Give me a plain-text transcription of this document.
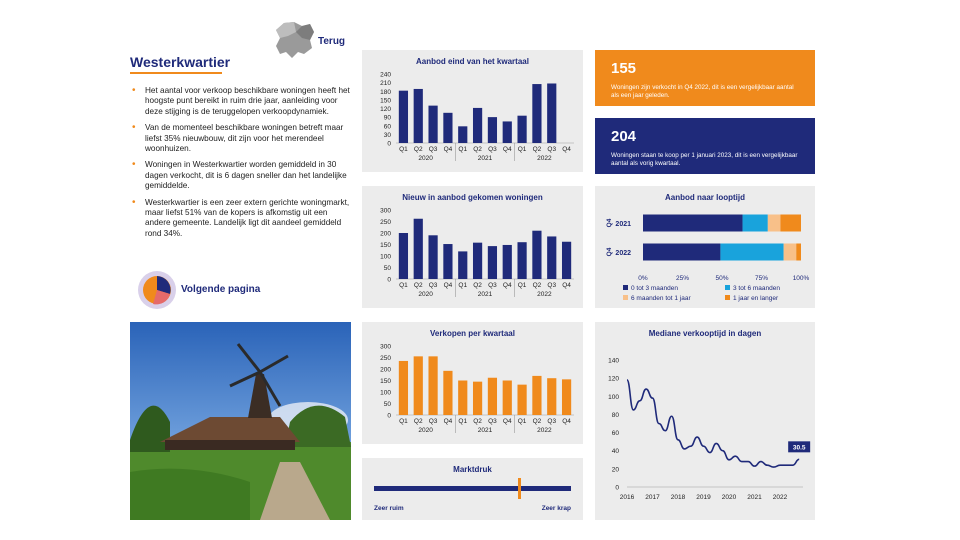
Terug
Westerkwartier
• Het aantal voor verkoop beschikbare woningen heeft het hoogste punt bereikt in ruim drie jaar, aanleiding voor deze stijging is de teruggelopen verkoopdynamiek.
• Van de momenteel beschikbare woningen betreft maar liefst 35% nieuwbouw, dit zijn voor het merendeel woonhuizen.
• Woningen in Westerkwartier worden gemiddeld in 30 dagen verkocht, dit is 6 dagen sneller dan het landelijke gemiddelde.
• Westerkwartier is een zeer extern gerichte woningmarkt, maar liefst 51% van de kopers is afkomstig uit een andere gemeente. Landelijk ligt dit aandeel gemiddeld rond 34%.
Volgende pagina
Aanbod eind van het kwartaal
0
30
60
90
120
150
180
210
240
Q1 Q2 Q3 Q4 Q1 Q2 Q3 Q4 Q1 Q2 Q3 Q4
2020	2021	2022
Nieuw in aanbod gekomen woningen
0
50
100
150
200
250
300
Q1 Q2 Q3 Q4 Q1 Q2 Q3 Q4 Q1 Q2 Q3 Q4
2020	2021	2022
Verkopen per kwartaal
0
50
100
150
200
250
300
Q1 Q2 Q3 Q4 Q1 Q2 Q3 Q4 Q1 Q2 Q3 Q4
2020	2021	2022
Marktdruk
Zeer ruim	Zeer krap
155
Woningen zijn verkocht in Q4 2022, dit is een vergelijkbaar aantal als een jaar geleden.
204
Woningen staan te koop per 1 januari 2023, dit is een vergelijkbaar aantal als vorig kwartaal.
Aanbod naar looptijd
2021
Q4
2022
Q4
0%	25%	50%	75%	100%
0 tot 3 maanden	3 tot 6 maanden
6 maanden tot 1 jaar	1 jaar en langer
Mediane verkooptijd in dagen
0
20
40
60
80
100
120
140
2016 2017 2018 2019 2020 2021 2022
30.5
